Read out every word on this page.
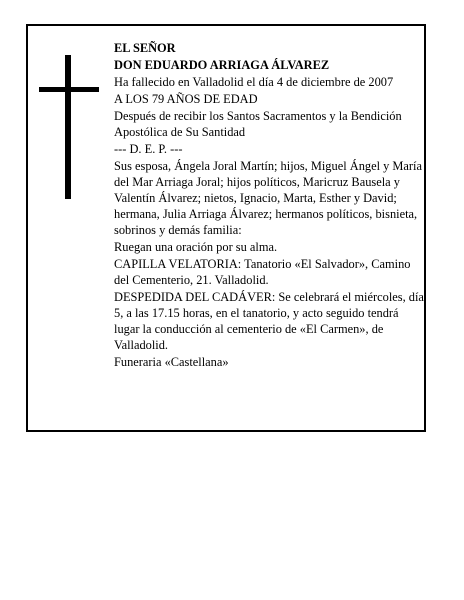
EL SEÑOR

DON EDUARDO ARRIAGA ÁLVAREZ

Ha fallecido en Valladolid el día 4 de diciembre de 2007

A LOS 79 AÑOS DE EDAD

Después de recibir los Santos Sacramentos y la Bendición Apostólica de Su Santidad

--- D. E. P. ---

Sus esposa, Ángela Joral Martín; hijos, Miguel Ángel y María del Mar Arriaga Joral; hijos políticos, Maricruz Bausela y Valentín Álvarez; nietos, Ignacio, Marta, Esther y David; hermana, Julia Arriaga Álvarez; hermanos políticos, bisnieta, sobrinos y demás familia:

Ruegan una oración por su alma.

CAPILLA VELATORIA: Tanatorio «El Salvador», Camino del Cementerio, 21. Valladolid.

DESPEDIDA DEL CADÁVER: Se celebrará el miércoles, día 5, a las 17.15 horas, en el tanatorio, y acto seguido tendrá lugar la conducción al cementerio de «El Carmen», de Valladolid.

Funeraria «Castellana»
